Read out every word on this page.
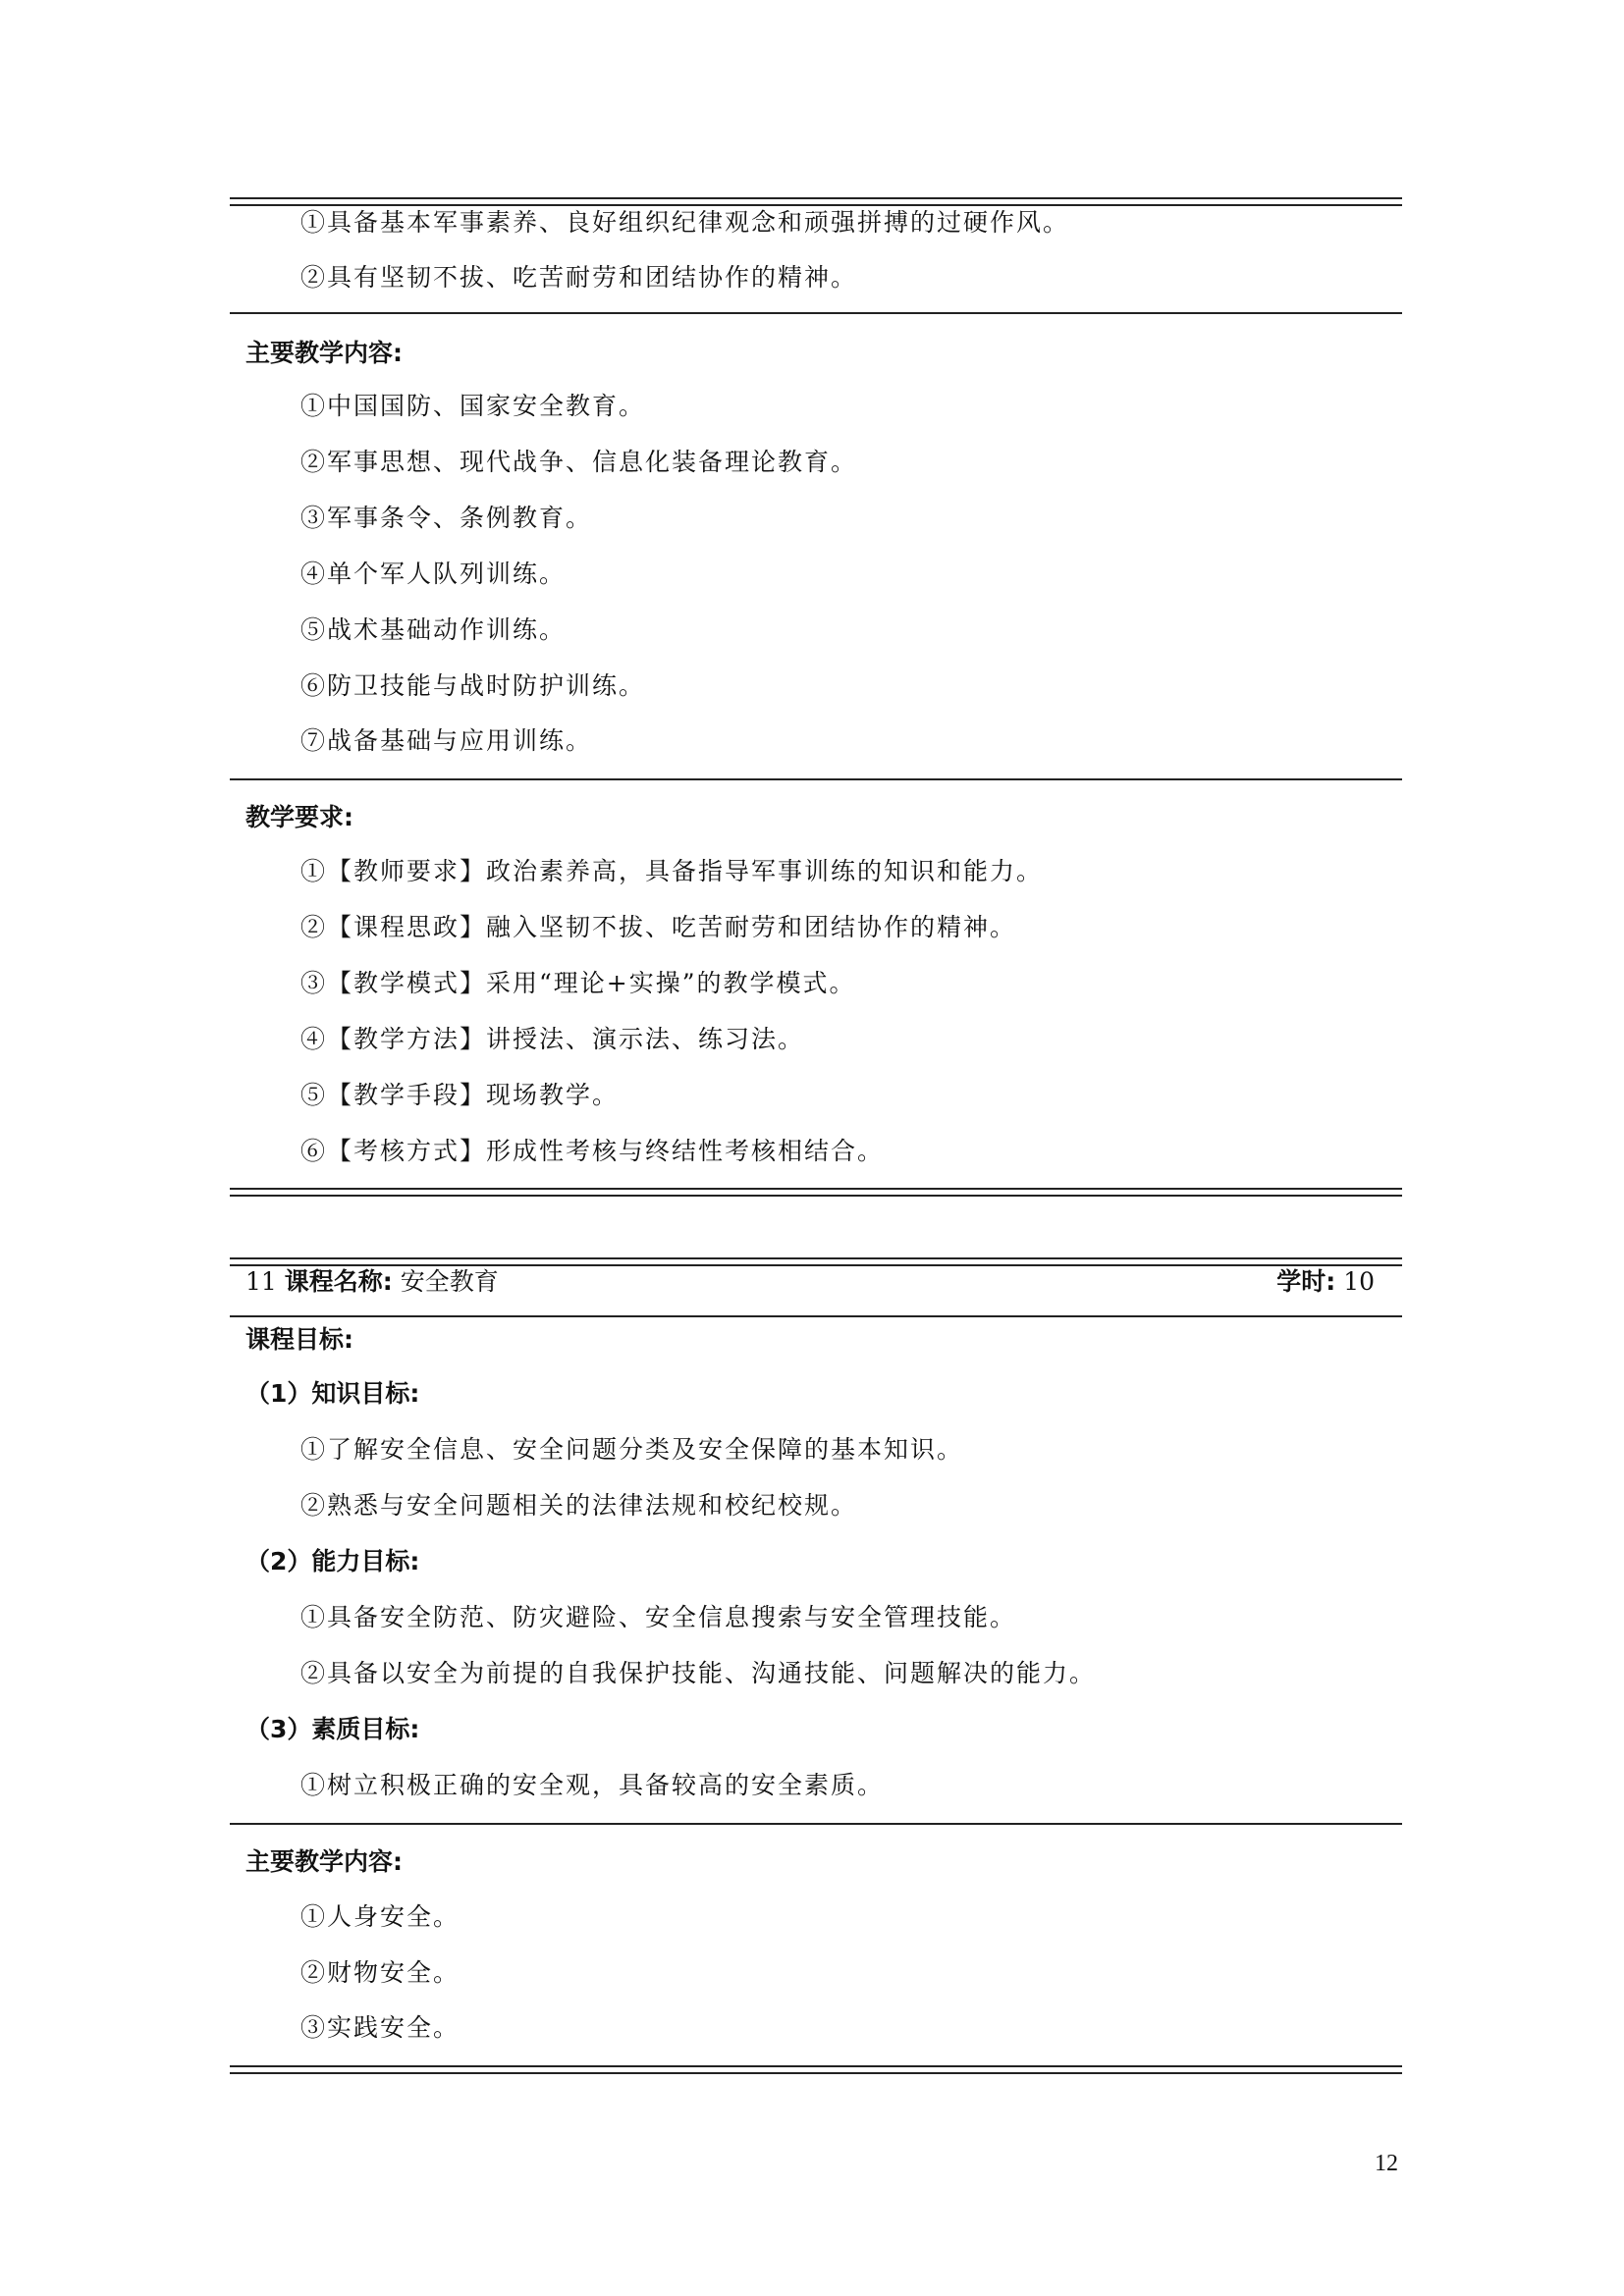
①具备基本军事素养、良好组织纪律观念和顽强拼搏的过硬作风。
②具有坚韧不拔、吃苦耐劳和团结协作的精神。
主要教学内容:
①中国国防、国家安全教育。
②军事思想、现代战争、信息化装备理论教育。
③军事条令、条例教育。
④单个军人队列训练。
⑤战术基础动作训练。
⑥防卫技能与战时防护训练。
⑦战备基础与应用训练。
教学要求:
①【教师要求】政治素养高，具备指导军事训练的知识和能力。
②【课程思政】融入坚韧不拔、吃苦耐劳和团结协作的精神。
③【教学模式】采用“理论+实操”的教学模式。
④【教学方法】讲授法、演示法、练习法。
⑤【教学手段】现场教学。
⑥【考核方式】形成性考核与终结性考核相结合。
11 课程名称: 安全教育	学时: 10
课程目标:
（1）知识目标:
①了解安全信息、安全问题分类及安全保障的基本知识。
②熟悉与安全问题相关的法律法规和校纪校规。
（2）能力目标:
①具备安全防范、防灾避险、安全信息搜索与安全管理技能。
②具备以安全为前提的自我保护技能、沟通技能、问题解决的能力。
（3）素质目标:
①树立积极正确的安全观，具备较高的安全素质。
主要教学内容:
①人身安全。
②财物安全。
③实践安全。
12
